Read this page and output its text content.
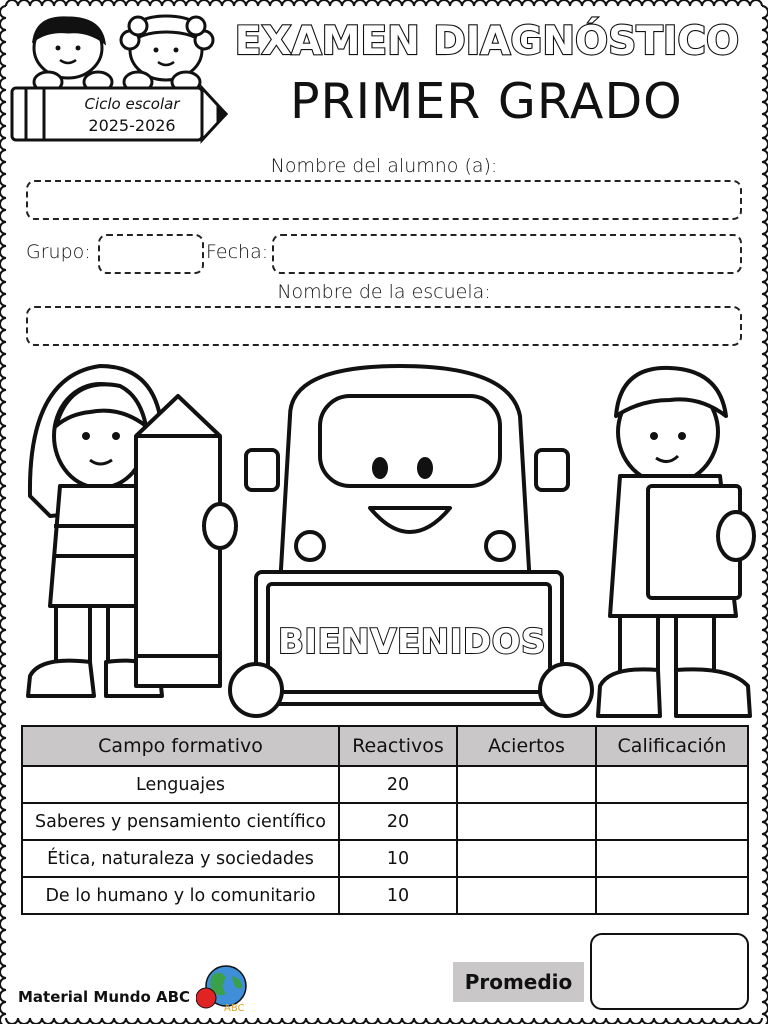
Ciclo escolar
2025-2026
EXAMEN DIAGNÓSTICO
PRIMER GRADO
Nombre del alumno (a):
Grupo:	Fecha:
Nombre de la escuela:
BIENVENIDOS
Campo formativo	Reactivos	Aciertos	Calificación
Lenguajes	20		
Saberes y pensamiento científico	20		
Ética, naturaleza y sociedades	10		
De lo humano y lo comunitario	10		
Material Mundo ABC
ABC
Promedio
